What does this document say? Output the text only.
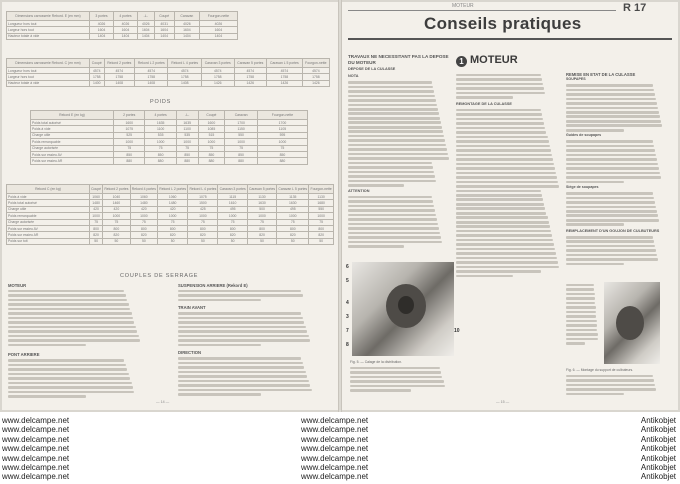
Dimensions carrosserie Rebord. E (en mm)	3 portes	4 portes	-L-	Coupé	Caravan	Fourgon-nette
Longueur hors tout	4026	4026	4026	4031	4026	4026
Largeur hors tout	1604	1604	1604	1604	1604	1604
Hauteur totale à vide	1404	1404	1404	1404	1404	1404
Dimensions carrosserie Rebord. C (en mm)	Coupé	Rekord 2 portes	Rekord L 2 portes	Rekord L 4 portes	Caravan 3 portes	Caravan 5 portes	Caravan L 5 portes	Fourgon-nette
Longueur hors tout	4574	4574	4574	4574	4574	4574	4574	4574
Largeur hors tout	1758	1758	1758	1758	1758	1758	1758	1758
Hauteur totale à vide	1400	1408	1408	1408	1426	1426	1426	1426
POIDS
Rekord E (en kg)	2 portes	4 portes	-L-	Coupé	Caravan	Fourgon-nette
Poids total autorisé	1600	1635	1635	1600	1700	1700
Poids à vide	1075	1100	1100	1085	1150	1105
Charge utile	525	535	535	515	550	595
Poids remorquable	1000	1000	1000	1000	1000	1000
Charge autorisée	75	75	75	75	75	75
Poids sur essieu AV	850	850	850	850	850	850
Poids sur essieu AR	880	880	880	880	880	880
Rekord C (en kg)	Coupé	Rekord 2 portes	Rekord 4 portes	Rekord L 2 portes	Rekord L 4 portes	Caravan 3 portes	Caravan 5 portes	Caravan L 5 portes	Fourgon-nette
Poids à vide	1060	1040	1060	1060	1075	1115	1130	1135	1130
Poids total autorisé	1480	1460	1480	1480	1500	1610	1630	1630	1680
Charge utile	420	420	420	420	425	495	500	495	550
Poids remorquable	1000	1000	1000	1000	1000	1000	1000	1000	1000
Charge autorisée	75	75	75	75	75	75	75	75	75
Poids sur essieu AV	800	800	800	800	800	800	800	800	800
Poids sur essieu AR	820	820	820	820	820	820	820	820	820
Poids sur toit	50	50	50	50	50	50	50	50	50
COUPLES DE SERRAGE
MOTEUR
PONT ARRIERE
SUSPENSION ARRIERE (Rekord E)
TRAIN AVANT
DIRECTION
— 14 —
MOTEUR	R 17
Conseils pratiques
TRAVAUX NE NECESSITANT PAS LA DEPOSE DU MOTEUR
DEPOSE DE LA CULASSE
NOTA
ATTENTION
1 MOTEUR
REMONTAGE DE LA CULASSE
REMISE EN ETAT DE LA CULASSE
SOUPAPES
Guides de soupapes
Siège de soupapes
REMPLACEMENT D'UN GOUJON DE CULBUTEURS
6
5
4
3
7
8
10
Fig. 5. — Calage de la distribution.
Fig. 6. — Montage du support de culbuteurs.
— 15 —
www.delcampe.net	www.delcampe.net	Antikobjet
www.delcampe.net	www.delcampe.net	Antikobjet
www.delcampe.net	www.delcampe.net	Antikobjet
www.delcampe.net	www.delcampe.net	Antikobjet
www.delcampe.net	www.delcampe.net	Antikobjet
www.delcampe.net	www.delcampe.net	Antikobjet
www.delcampe.net	www.delcampe.net	Antikobjet
